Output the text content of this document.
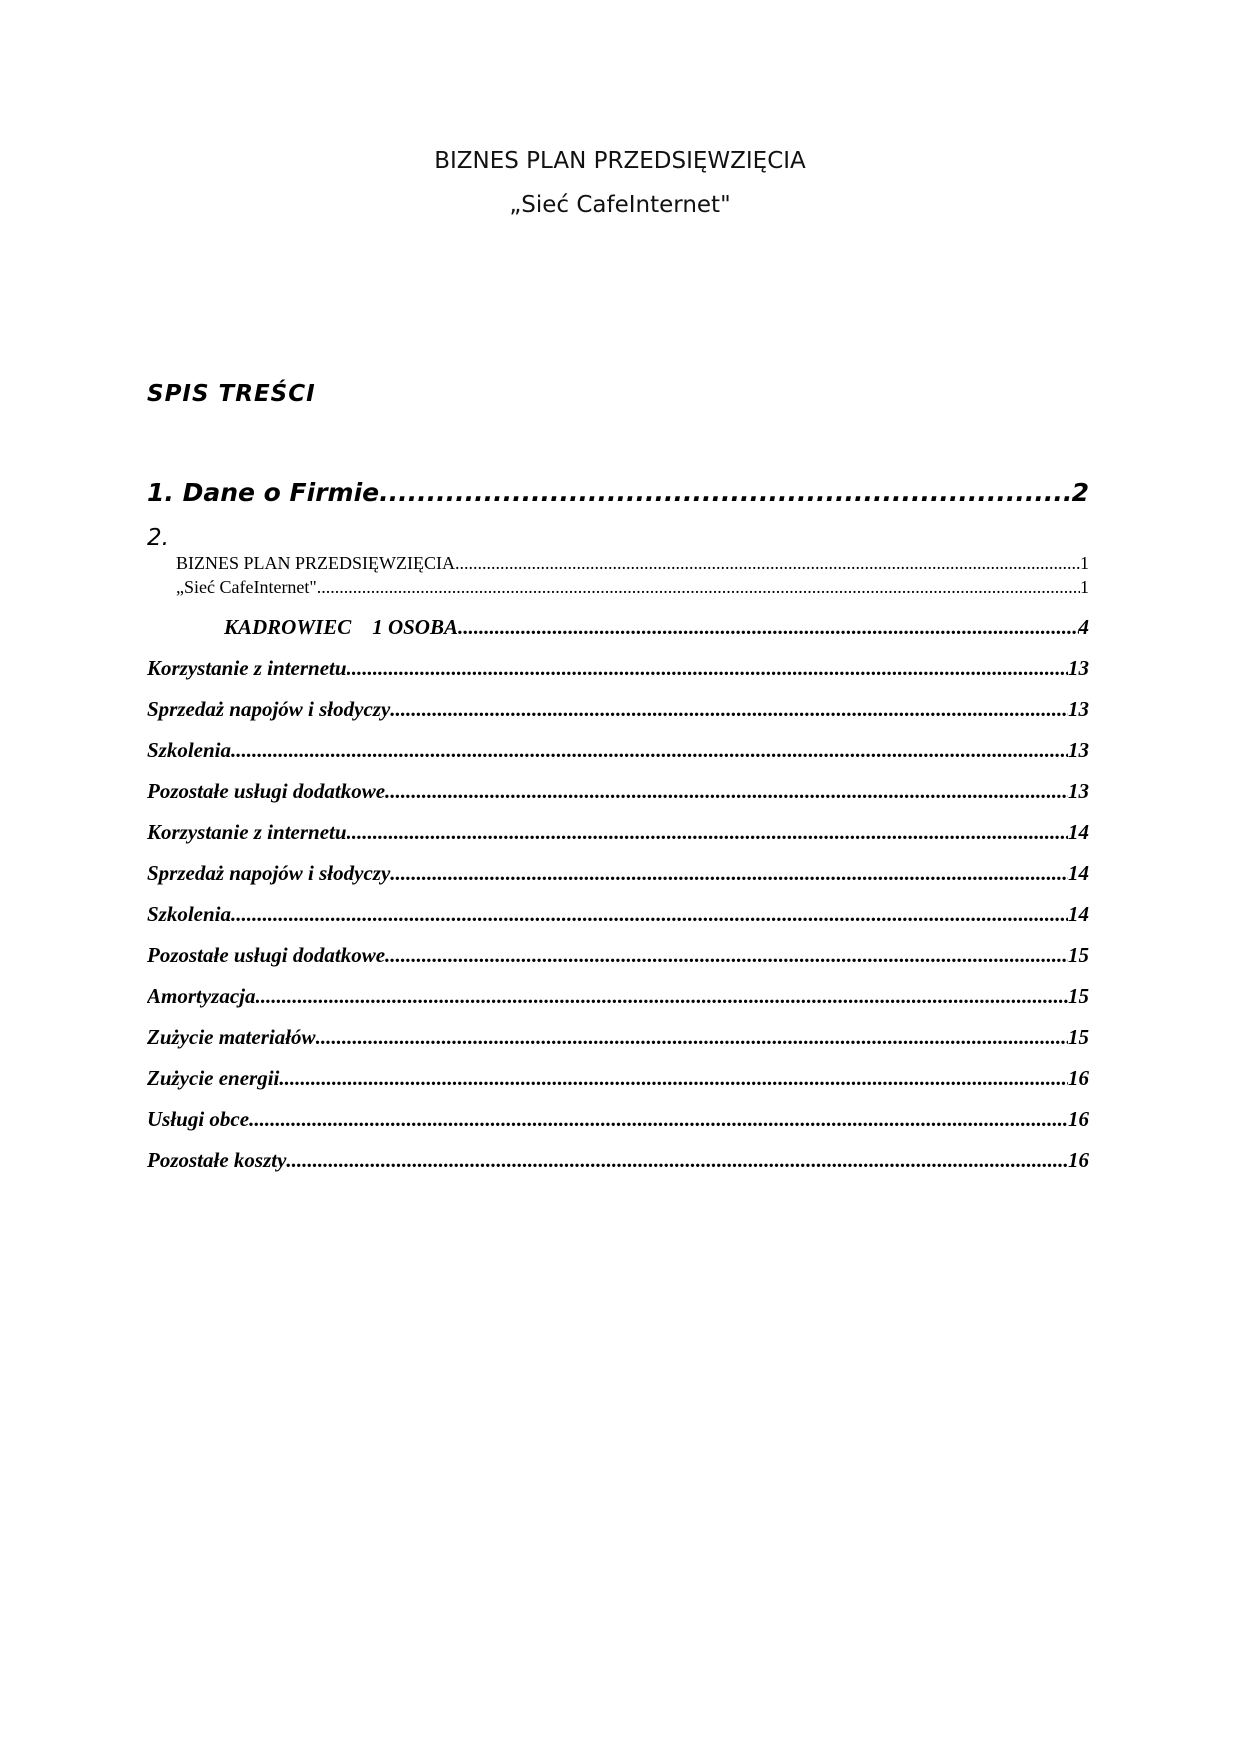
BIZNES PLAN PRZEDSIĘWZIĘCIA
„Sieć CafeInternet"
SPIS TREŚCI
1. Dane o Firmie .....	2
2.
BIZNES PLAN PRZEDSIĘWZIĘCIA .....	1
„Sieć CafeInternet" .....	1
KADROWIEC    1 OSOBA .....	4
Korzystanie z internetu .....	13
Sprzedaż napojów i słodyczy .....	13
Szkolenia .....	13
Pozostałe usługi dodatkowe .....	13
Korzystanie z internetu .....	14
Sprzedaż napojów i słodyczy .....	14
Szkolenia .....	14
Pozostałe usługi dodatkowe .....	15
Amortyzacja .....	15
Zużycie materiałów .....	15
Zużycie energii .....	16
Usługi obce .....	16
Pozostałe koszty .....	16
